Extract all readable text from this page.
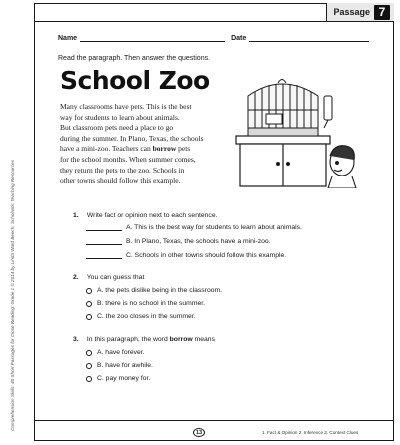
Passage 7
Comprehension Skills: 40 Short Passages for Close Reading: Grade 1 © 2014 by Linda Ward Beech, Scholastic Teaching Resources
Name	Date
Read the paragraph. Then answer the questions.
School Zoo

Many classrooms have pets. This is the best

way for students to learn about animals.

But classroom pets need a place to go

during the summer. In Plano, Texas, the schools

have a mini-zoo. Teachers can borrow pets

for the school months. When summer comes,

they return the pets to the zoo. Schools in

other towns should follow this example.

1. Write fact or opinion next to each sentence.
A. This is the best way for students to learn about animals.
B. In Plano, Texas, the schools have a mini-zoo.
C. Schools in other towns should follow this example.
2. You can guess that
A. the pets dislike being in the classroom.
B. there is no school in the summer.
C. the zoo closes in the summer.
3. In this paragraph, the word borrow means
A. have forever.
B. have for awhile.
C. pay money for.
13	1. Fact & Opinion 2. Inference 3. Context Clues
